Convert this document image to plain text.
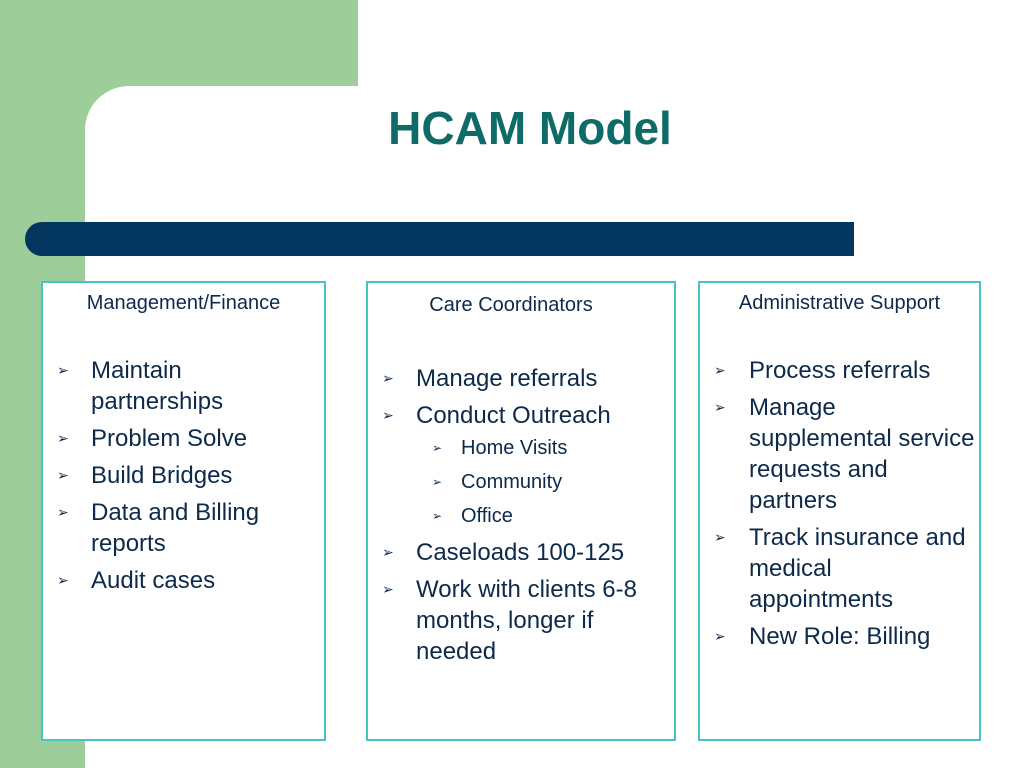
HCAM Model
Management/Finance
➢ Maintain partnerships
➢ Problem Solve
➢ Build Bridges
➢ Data and Billing reports
➢ Audit cases
Care Coordinators
➢ Manage referrals
➢ Conduct Outreach
➢ Home Visits
➢ Community
➢ Office
➢ Caseloads 100-125
➢ Work with clients 6-8 months, longer if needed
Administrative Support
➢ Process referrals
➢ Manage supplemental service requests and partners
➢ Track insurance and medical appointments
➢ New Role: Billing
